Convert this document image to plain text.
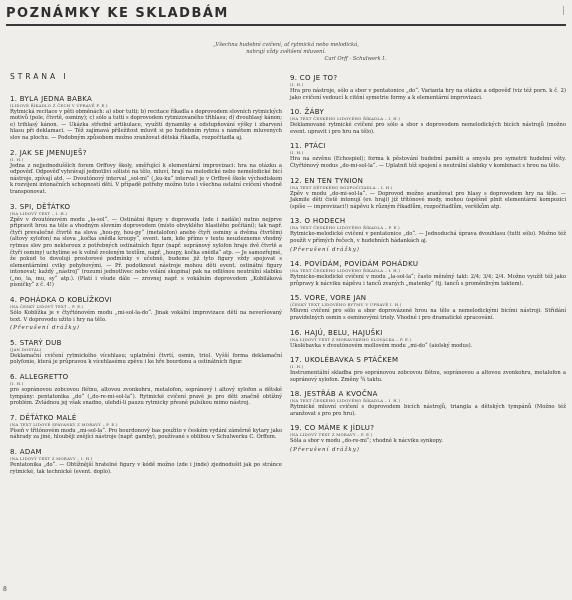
POZNÁMKY KE SKLADBÁM
„Všechna hudební cvičení, ať rytmická nebo melodická,
nahrají vždy zvětšení mluvení.
Carl Orff · Schulwerk I.
STRANA I
1. BYLA JEDNA BABKA
(LIDOVÉ ŘÍKADLO Z ČECH V ÚPRAVĚ P. E.)
Rytmická recitace v pěti obměnách: a) sbor tutti; b) recitace říkadla s doprovodem slovních rytmických motivů (pole, čtvrtě, osminy); c) sólo a tutti s doprovodem rytmizovaného třihlasu; d) dvouhlasý kánon; e) trihlasý kánon. — Ukázka středně artikulace, využití dynamiky a odstupňování výšky i zbarvení hlasu při deklamaci. — Též zajímavá příležitost mluvit si po hudebním rytmu s námětem mluvených slov na plochu. — Podobným způsobem možno zranžovat dětská říkadla, rozpočitadla aj.
2. JAK SE JMENUJEŠ?
(I. H.)
Jedna z nejjednodušších forem Orffovy školy, směřující k elementární improvizaci: hra na otázku a odpověď. Odpověď vyhrávají jednotliví sólisté na tělo, mluví, hrají na melodické nebo nemelodické bicí nástroje, zpívají atd. — Dvoutónový interval „sol-mi“ („ku-ku“ interval) je v Orffově škole východiskem k rozvíjení intonačních schopností dětí. V případě potřeby možno tuto i všechna ostatní cvičení vhodně transponovat.
3. SPI, DĚŤÁTKO
(NA LIDOVÝ TEXT – I. H.)
Zpěv v dvoutónovém modu „la-sol“. — Ostinátní figury v doprovodu (zde i nadále) nutno nejprve připravit hrou na těle a vhodným slovním doprovodem (místo obvyklého hlasitého počítání); tak např. čtyři prevalečné čtvrtě na slova „hou-py, hou-py“ (metalofon) anebo čtyři osminy a dvěma čtvrtěmi (altový xylofon) na slova „kočka snědla kroupy“, event. tam, kde přímo v textu neuzlezneme vhodný rytmus slov pro nekteroux z potřebných ostinátních figur (např. sopránový xylofon hraje dvě čtvrtě a čtyři osminy) uchylíme se k volně zvoleným textům, např. „houpy, kočka snědla“ atp. — Je samozřejmé, že pokud to dovolují prostorové podmínky v učebně, budeme již tyto figury vždy spojovat s elementárními cviky pohybovými. — Př. podotknout nástroje mohou děti event. ostinátní figury intonovat; každý „nástroj“ (rozumí jednotlivec nebo volání skupina) pak na odlišnou neutrální slabiku („no, la, mu, sy“ atp.). (Platí i všude dále — zrovnej např. s vokálním doprovodem „Kobiláková písničky“ z č. 4!)
4. POHÁDKA O KOBLÍŽKOVI
(NA ČESKÝ LIDOVÝ TEXT – P. E.)
Sólo Koblížka je v čtyřtónovém modu „mi-sol-la-do“. Jinak vokální improvizace dětí na neveršovaný text. V doprovodu užito i hry na tělo.
(Přerušení drážky)
5. STARÝ DUB
(JAN DOSTÁL)
Deklamační cvičení rytmického vícehlasu; uplatnění čtvrtí, osmin, triol. Vyšší forma deklamační polyfonie, která je průpravou k vícehlasému zpěvu i ke hře bourdonu a ostinátních figur.
6. ALLEGRETTO
(I. H.)
pro sopránovou zobcovou flétnu, altovou zvonkohru, metalofon, sopránový i altový xylofon a dětské tympány: pentatonika „do“ („do-re-mi-sol-la“). Rytmické cvičení pravé je pro děti značně obtížný problém. Zvládnou jej však snadno, ulehdí-li pauzu rytmicky přesné pulsíkou mimo nástroj.
7. DĚŤÁTKO MALÉ
(NA TEXT LIDOVÉ SPÁVANKY Z MORAVY – P. E.)
Píseň v třitónovém modu „mi-sol-la“. Pro bourdonový bas použito v českém vydání záměrně kytary jako náhrady za jiné, hlouběji znějící nástroje (např. gamby), používané s oblibou v Schulwerku C. Orffem.
8. ADAM
(NA LIDOVÝ TEXT Z MORAVY – I. H.)
Pentatonika „do“. — Obtížnější hratelné figury v kódě možno (zde i jinde) zjednodušit jak po stránce rytmické, tak technické (event. doplo).
9. CO JE TO?
(I. H.)
Hra pro nástroje, sólo a sbor v pentatonice „do“. Varianta hry na otázku a odpověď (viz též porn. k č. 2) jako cvičení vedoucí k citění symetrie formy a k elementární improvizaci.
10. ŽÁBY
(NA TEXT ČESKÉHO LIDOVÉHO ŘÍKADLA – I. H.)
Deklamované rytmické cvičení pro sólo a sbor s doprovodem nemelodických bicích nástrojů (možno event. upravit i pro hru na tělo).
11. PTÁCI
(I. H.)
Hra na ozvěnu (Echospiel); forma k pěstování hudební paměti a smyslu pro symetrii hudební věty. Čtyřtónový modus „do-mi-sol-la“. — Uplatnit též spojení s neutrální slabiky v kombinaci s hrou na tělo.
12. EN TEN TYNION
(NA TEXT DĚTSKÉHO ROZPOČITADLA – I. H.)
Zpěv v modu „do-mi-sol-la“. — Doprovod možno aranžovat pro hlasy s doprovodem hry na těle. — Jakmile děti čistě intonují (ev. hraji) již třítónové mody, mohou úspěšně plnit elementární kompozici (spíše — improvizaci!) nápěvu k různým říkadlům, rozpočitadlům, veršíkům atp.
13. O HODECH
(NA TEXT ČESKÉHO LIDOVÉHO ŘÍKADLA – P. E.)
Rytmicko-melodické cvičení v pentatonice „do“. — Jednoduchá úprava dvouhlasu (tutti sólo). Možno též použít v přímých řečech, v hudebních hádankách aj.
(Přerušení drážky)
14. POVÍDÁM, POVÍDÁM POHÁDKU
(NA TEXT ČESKÉHO LIDOVÉHO ŘÍKADLA – I. H.)
Rytmicko-melodické cvičení v modu „la-sol-la“; často měněný takt: 2/4; 3/4; 2/4. Možno využít též jako průpravy k nácviku nápěvu i tanců zvaných „matenky“ (tj. tanců s proměnlivým taktem).
15. VORE, VORE JAN
(ČESKÝ TEXT LIDOVÉHO RYTMU V ÚPRAVĚ I. H.)
Mluvní cvičení pro sólo a sbor doprovázené hrou na tělo a nemelodickými bicími nástroji. Střídání pravidelných osmin s osminovými trioly. Vhodné i pro dramatické zpracování.
16. HAJÚ, BELU, HAJUŠKI
(NA LIDOVÝ TEXT Z MORAVSKÉHO SLOVÁCKA – P. E.)
Ukolébavka v dvoutónovém mollovém modu „mi-do“ (aiolský modus).
17. UKOLÉBAVKA S PTÁČKEM
(I. H.)
Instrumentální skladba pro sopránovou zobcovou flétnu, sopránovou a altovou zvonkohru, metalofon a sopránový xylofon. Změny ¾ taktu.
18. JESTŘÁB A KVOČNA
(NA TEXT ČESKÉHO LIDOVÉHO ŘÍKADLA – I. H.)
Rytmické mluvní cvičení s doprovodem bicích nástrojů, triangla a dětských tympánů (Možno též aranžovat s pro pro hru).
19. CO MÁME K JÍDLU?
(NA LIDOVÝ TEXT Z MORAVY – P. E.)
Sóla a sbor v modu „do-re-mi“; vhodné k nácviku synkopy.
(Přerušení drážky)
8
